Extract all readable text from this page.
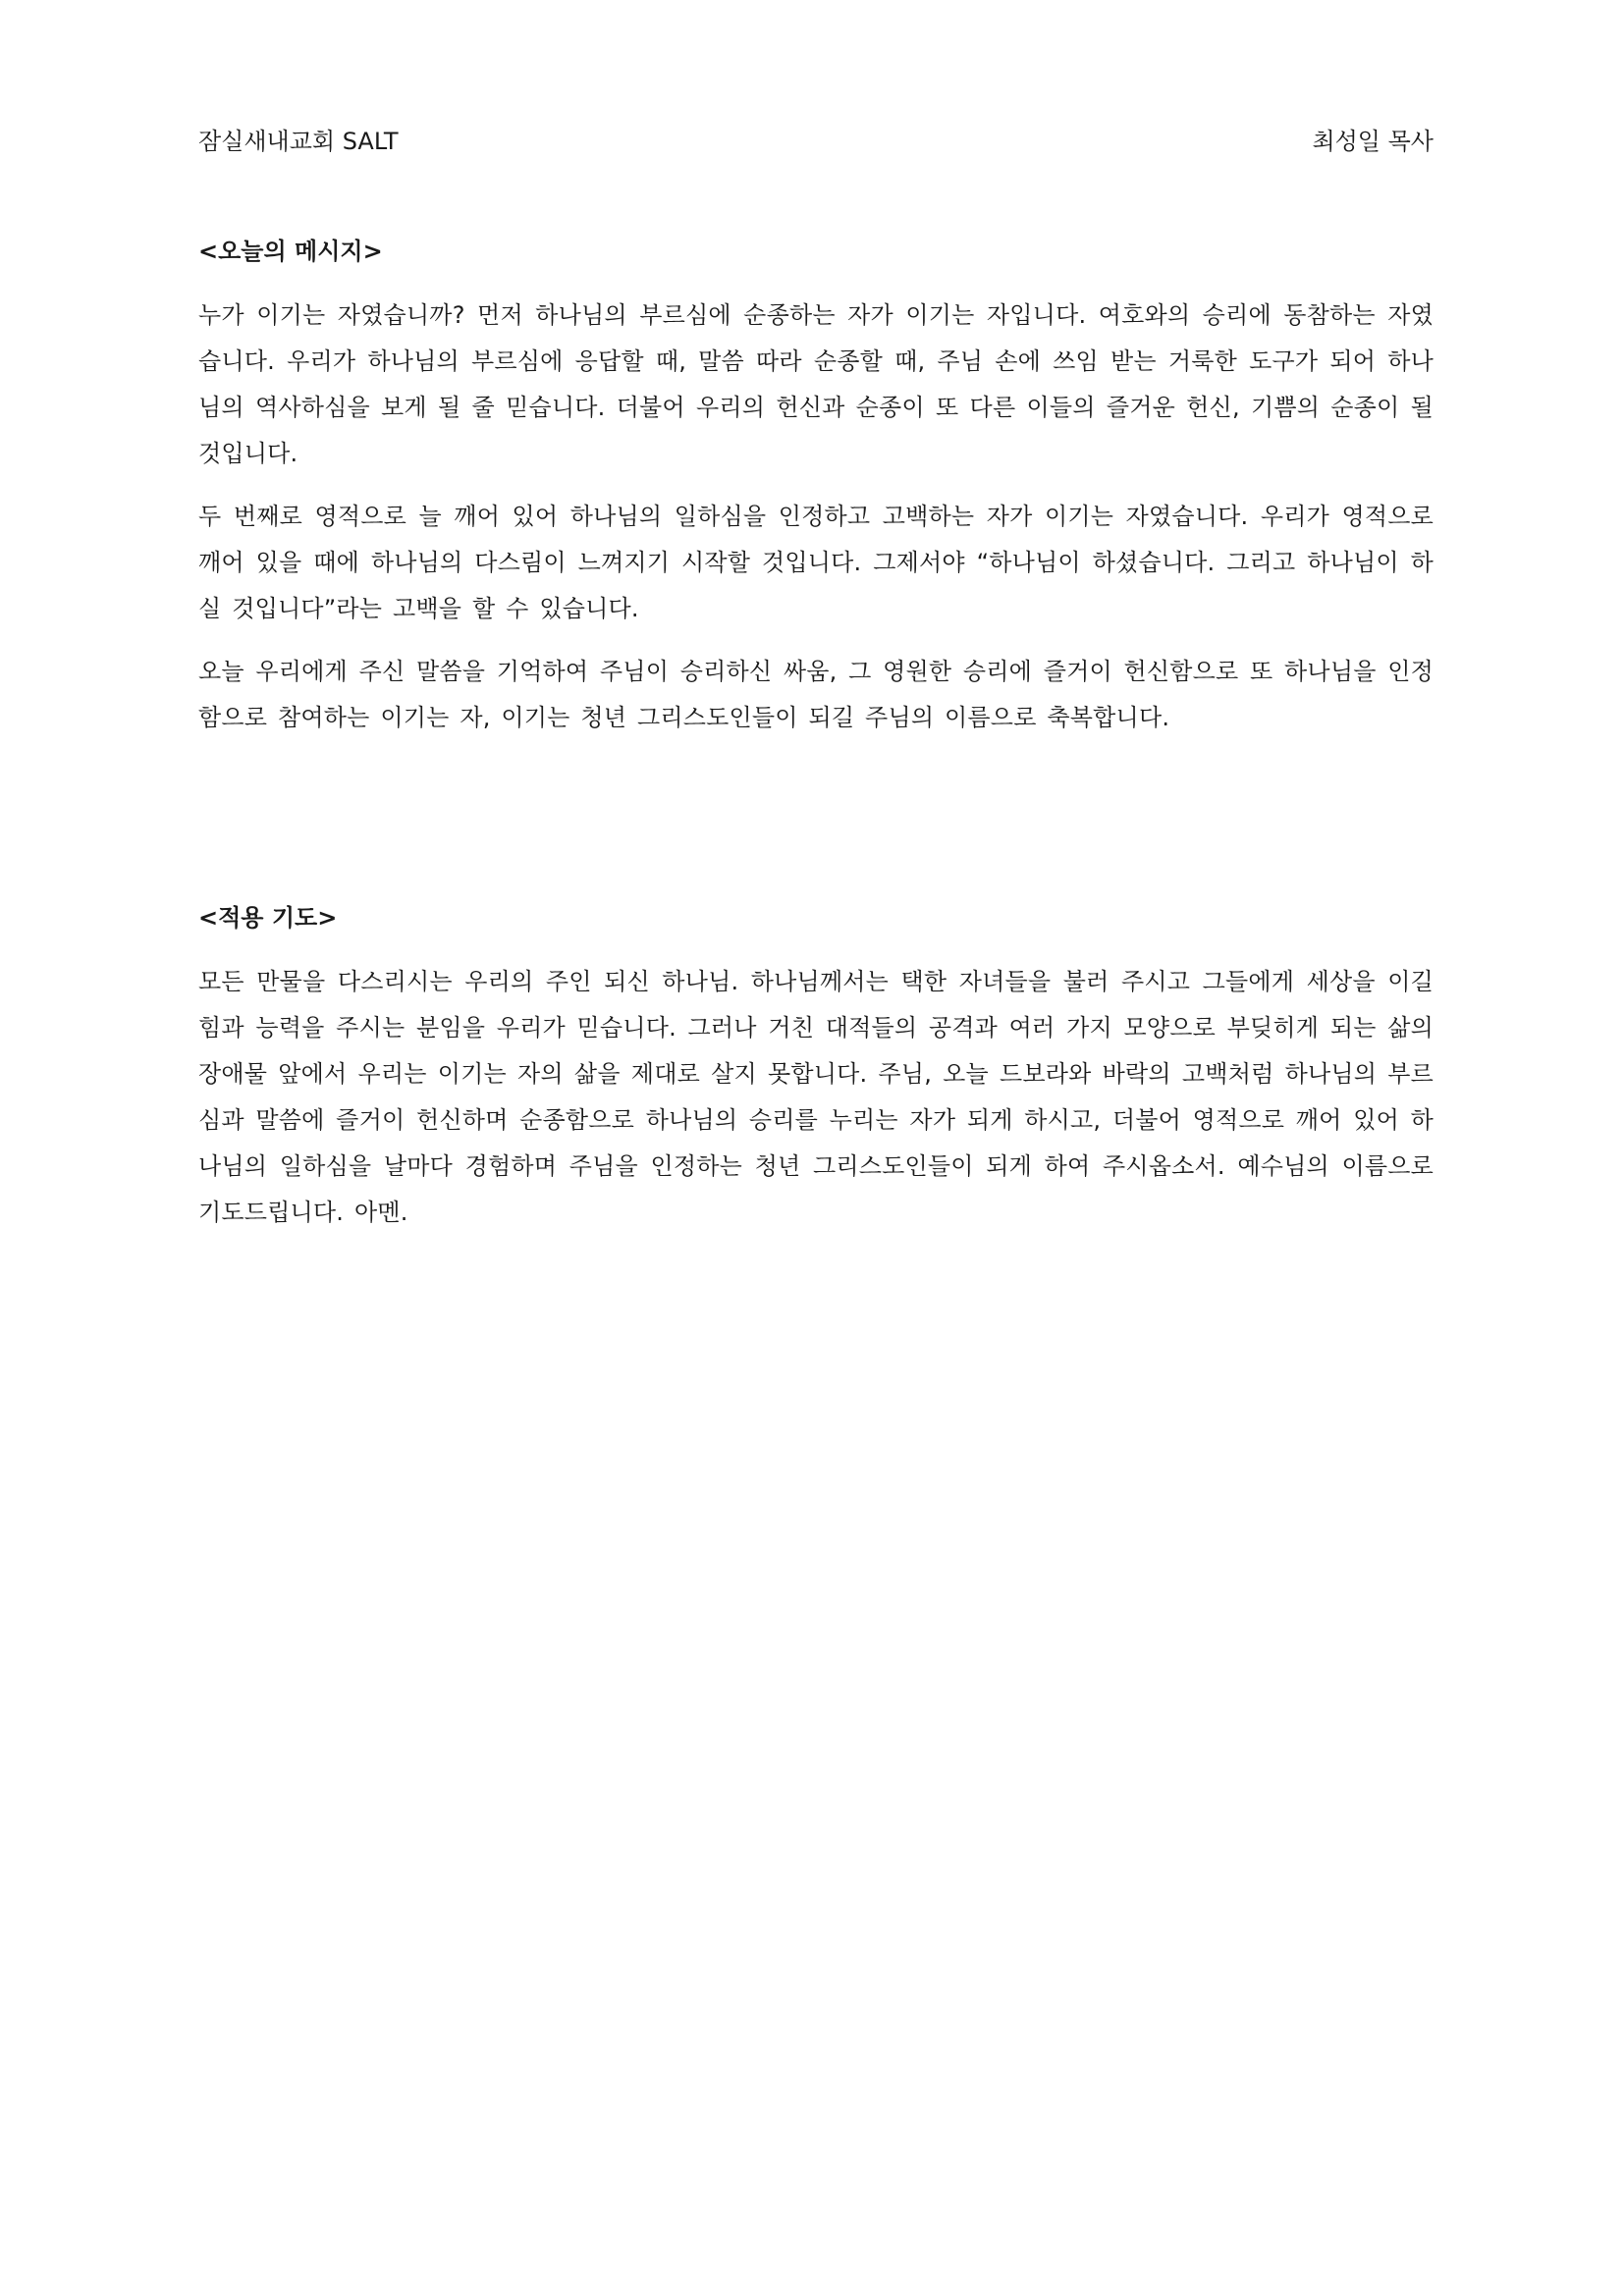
잠실새내교회 SALT	최성일 목사
<오늘의 메시지>

누가 이기는 자였습니까? 먼저 하나님의 부르심에 순종하는 자가 이기는 자입니다. 여호와의 승리에 동참하는 자였습니다. 우리가 하나님의 부르심에 응답할 때, 말씀 따라 순종할 때, 주님 손에 쓰임 받는 거룩한 도구가 되어 하나님의 역사하심을 보게 될 줄 믿습니다. 더불어 우리의 헌신과 순종이 또 다른 이들의 즐거운 헌신, 기쁨의 순종이 될 것입니다.

두 번째로 영적으로 늘 깨어 있어 하나님의 일하심을 인정하고 고백하는 자가 이기는 자였습니다. 우리가 영적으로 깨어 있을 때에 하나님의 다스림이 느껴지기 시작할 것입니다. 그제서야 “하나님이 하셨습니다. 그리고 하나님이 하실 것입니다”라는 고백을 할 수 있습니다.

오늘 우리에게 주신 말씀을 기억하여 주님이 승리하신 싸움, 그 영원한 승리에 즐거이 헌신함으로 또 하나님을 인정함으로 참여하는 이기는 자, 이기는 청년 그리스도인들이 되길 주님의 이름으로 축복합니다.

<적용 기도>

모든 만물을 다스리시는 우리의 주인 되신 하나님. 하나님께서는 택한 자녀들을 불러 주시고 그들에게 세상을 이길 힘과 능력을 주시는 분임을 우리가 믿습니다. 그러나 거친 대적들의 공격과 여러 가지 모양으로 부딪히게 되는 삶의 장애물 앞에서 우리는 이기는 자의 삶을 제대로 살지 못합니다. 주님, 오늘 드보라와 바락의 고백처럼 하나님의 부르심과 말씀에 즐거이 헌신하며 순종함으로 하나님의 승리를 누리는 자가 되게 하시고, 더불어 영적으로 깨어 있어 하나님의 일하심을 날마다 경험하며 주님을 인정하는 청년 그리스도인들이 되게 하여 주시옵소서. 예수님의 이름으로 기도드립니다. 아멘.
